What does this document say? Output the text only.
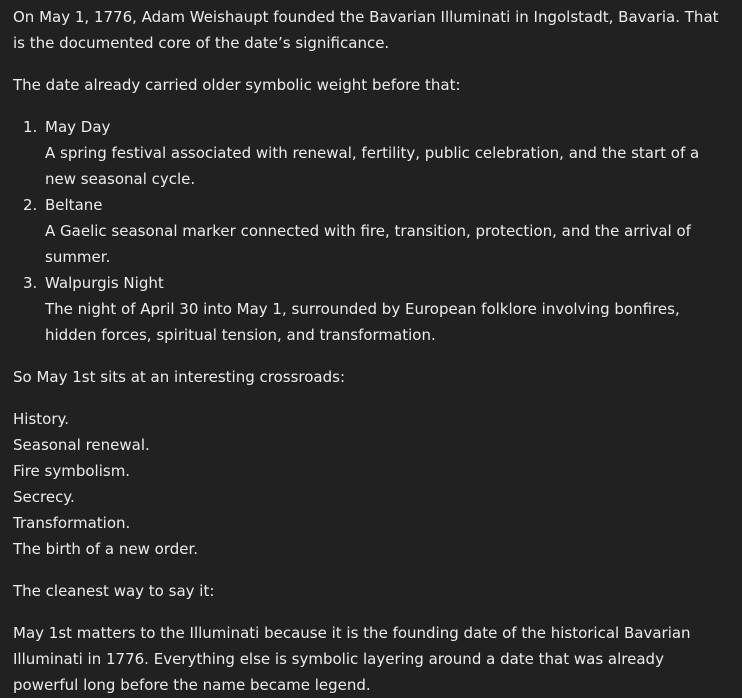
On May 1, 1776, Adam Weishaupt founded the Bavarian Illuminati in Ingolstadt, Bavaria. That is the documented core of the date’s significance.

The date already carried older symbolic weight before that:

1. May Day
A spring festival associated with renewal, fertility, public celebration, and the start of a new seasonal cycle.
2. Beltane
A Gaelic seasonal marker connected with fire, transition, protection, and the arrival of summer.
3. Walpurgis Night
The night of April 30 into May 1, surrounded by European folklore involving bonfires, hidden forces, spiritual tension, and transformation.

So May 1st sits at an interesting crossroads:

History.
Seasonal renewal.
Fire symbolism.
Secrecy.
Transformation.
The birth of a new order.

The cleanest way to say it:

May 1st matters to the Illuminati because it is the founding date of the historical Bavarian Illuminati in 1776. Everything else is symbolic layering around a date that was already powerful long before the name became legend.
